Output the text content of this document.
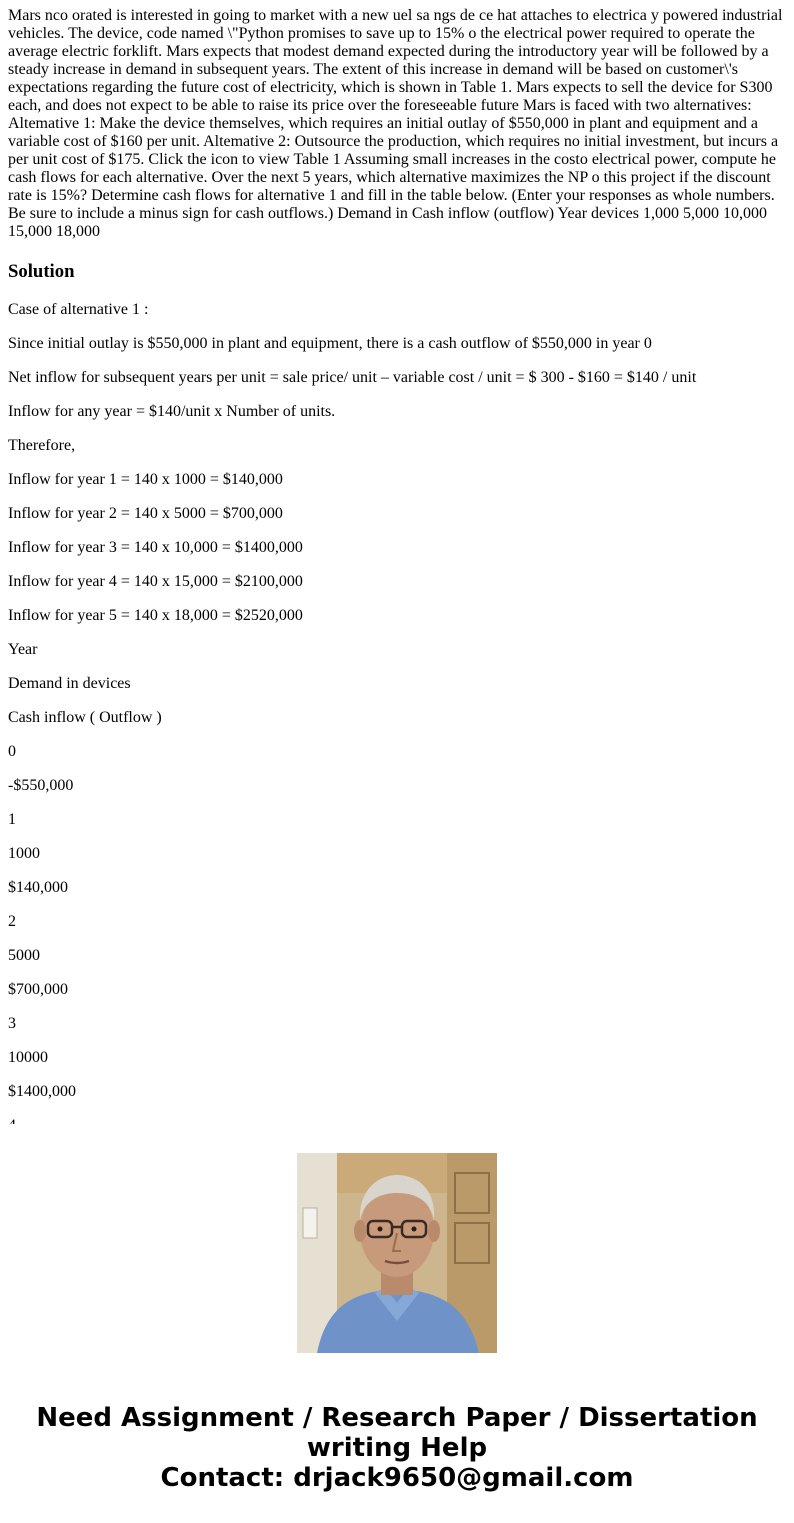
Mars nco orated is interested in going to market with a new uel sa ngs de ce hat attaches to electrica y powered industrial vehicles. The device, code named \"Python promises to save up to 15% o the electrical power required to operate the average electric forklift. Mars expects that modest demand expected during the introductory year will be followed by a steady increase in demand in subsequent years. The extent of this increase in demand will be based on customer\'s expectations regarding the future cost of electricity, which is shown in Table 1. Mars expects to sell the device for S300 each, and does not expect to be able to raise its price over the foreseeable future Mars is faced with two alternatives: Altemative 1: Make the device themselves, which requires an initial outlay of $550,000 in plant and equipment and a variable cost of $160 per unit. Altemative 2: Outsource the production, which requires no initial investment, but incurs a per unit cost of $175. Click the icon to view Table 1 Assuming small increases in the costo electrical power, compute he cash flows for each alternative. Over the next 5 years, which alternative maximizes the NP o this project if the discount rate is 15%? Determine cash flows for alternative 1 and fill in the table below. (Enter your responses as whole numbers. Be sure to include a minus sign for cash outflows.) Demand in Cash inflow (outflow) Year devices 1,000 5,000 10,000 15,000 18,000

Solution

Case of alternative 1 :

Since initial outlay is $550,000 in plant and equipment, there is a cash outflow of $550,000 in year 0

Net inflow for subsequent years per unit = sale price/ unit – variable cost / unit = $ 300 - $160 = $140 / unit

Inflow for any year = $140/unit x Number of units.

Therefore,

Inflow for year 1 = 140 x 1000 = $140,000

Inflow for year 2 = 140 x 5000 = $700,000

Inflow for year 3 = 140 x 10,000 = $1400,000

Inflow for year 4 = 140 x 15,000 = $2100,000

Inflow for year 5 = 140 x 18,000 = $2520,000

Year

Demand in devices

Cash inflow ( Outflow )

0

-$550,000

1

1000

$140,000

2

5000

$700,000

3

10000

$1400,000

Need Assignment / Research Paper / Dissertation
writing Help
Contact: drjack9650@gmail.com
